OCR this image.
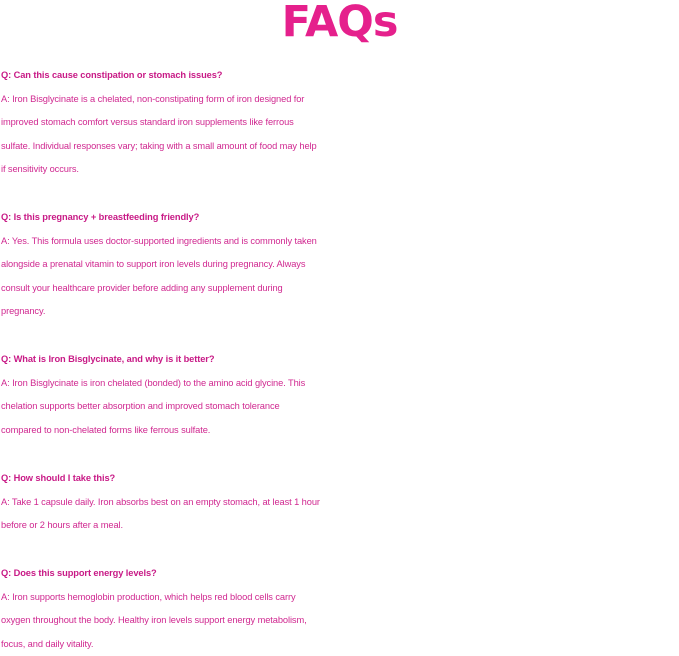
FAQs
Q: Can this cause constipation or stomach issues?
A: Iron Bisglycinate is a chelated, non-constipating form of iron designed for
improved stomach comfort versus standard iron supplements like ferrous
sulfate. Individual responses vary; taking with a small amount of food may help
if sensitivity occurs.
Q: Is this pregnancy + breastfeeding friendly?
A: Yes. This formula uses doctor-supported ingredients and is commonly taken
alongside a prenatal vitamin to support iron levels during pregnancy. Always
consult your healthcare provider before adding any supplement during
pregnancy.
Q: What is Iron Bisglycinate, and why is it better?
A: Iron Bisglycinate is iron chelated (bonded) to the amino acid glycine. This
chelation supports better absorption and improved stomach tolerance
compared to non-chelated forms like ferrous sulfate.
Q: How should I take this?
A: Take 1 capsule daily. Iron absorbs best on an empty stomach, at least 1 hour
before or 2 hours after a meal.
Q: Does this support energy levels?
A: Iron supports hemoglobin production, which helps red blood cells carry
oxygen throughout the body. Healthy iron levels support energy metabolism,
focus, and daily vitality.
